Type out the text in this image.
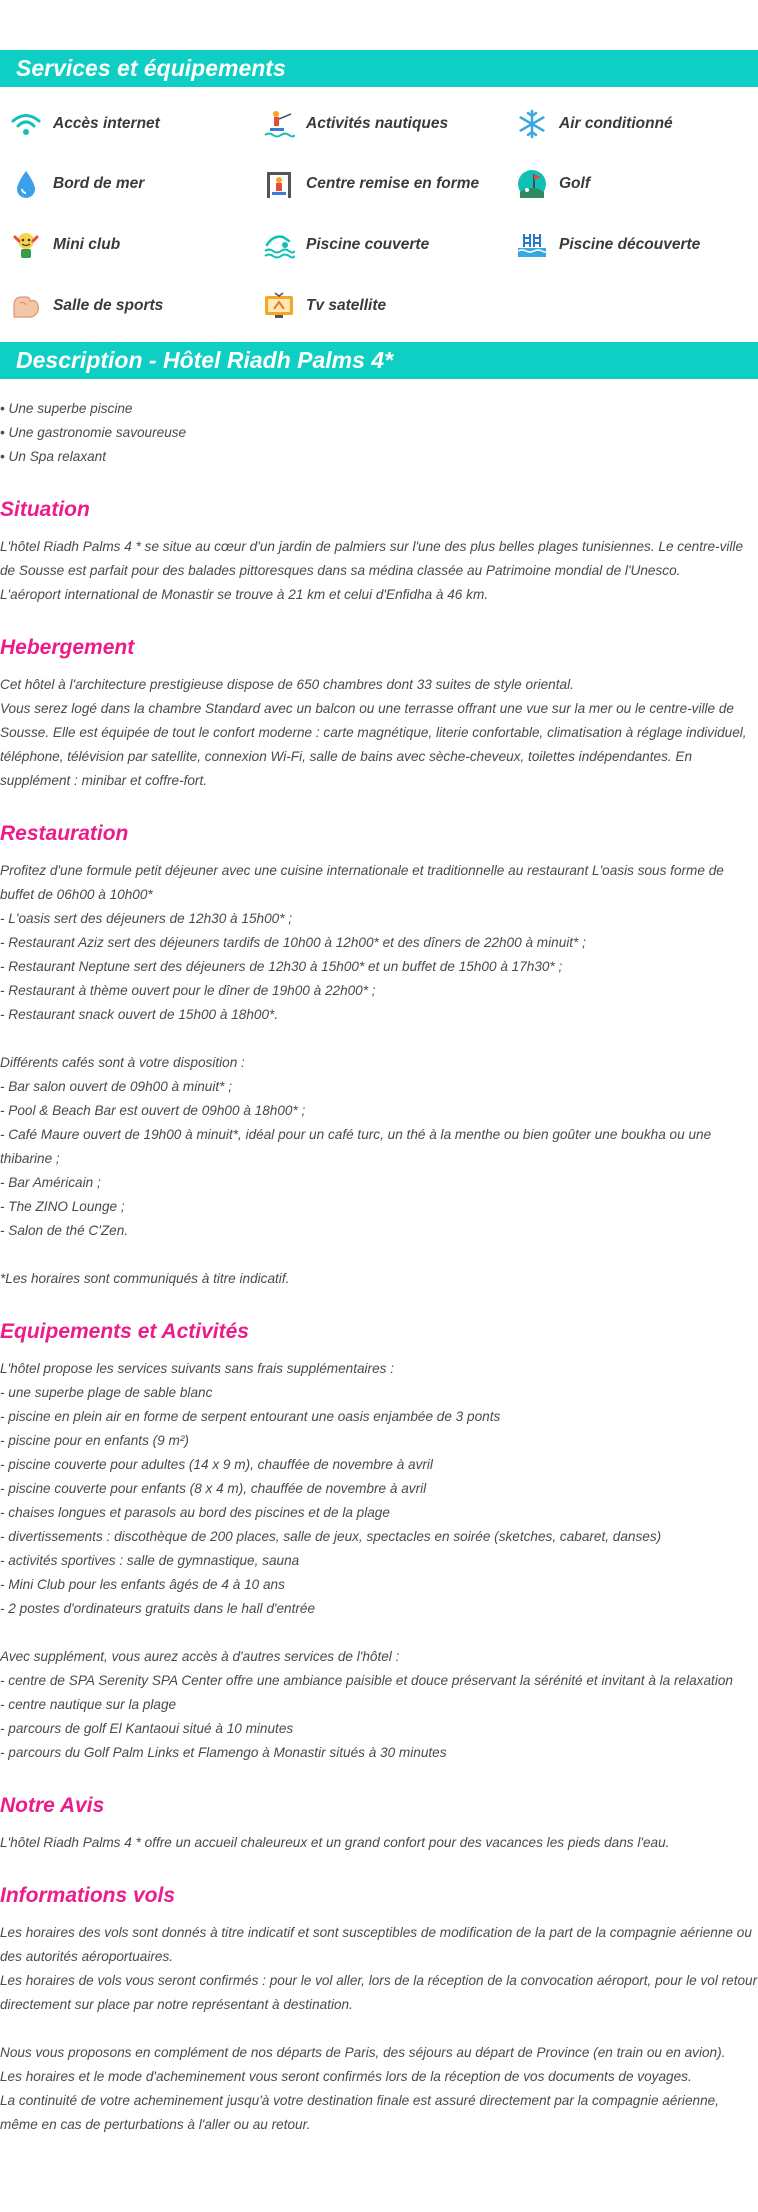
Services et équipements
Accès internet	Activités nautiques	Air conditionné
Bord de mer	Centre remise en forme	Golf
Mini club	Piscine couverte	Piscine découverte
Salle de sports	Tv satellite
Description - Hôtel Riadh Palms 4*
• Une superbe piscine
• Une gastronomie savoureuse
• Un Spa relaxant
Situation
L'hôtel Riadh Palms 4 * se situe au cœur d'un jardin de palmiers sur l'une des plus belles plages tunisiennes. Le centre-ville de Sousse est parfait pour des balades pittoresques dans sa médina classée au Patrimoine mondial de l'Unesco.
L'aéroport international de Monastir se trouve à 21 km et celui d'Enfidha à 46 km.
Hebergement
Cet hôtel à l'architecture prestigieuse dispose de 650 chambres dont 33 suites de style oriental.
Vous serez logé dans la chambre Standard avec un balcon ou une terrasse offrant une vue sur la mer ou le centre-ville de Sousse. Elle est équipée de tout le confort moderne : carte magnétique, literie confortable, climatisation à réglage individuel, téléphone, télévision par satellite, connexion Wi-Fi, salle de bains avec sèche-cheveux, toilettes indépendantes. En supplément : minibar et coffre-fort.
Restauration
Profitez d'une formule petit déjeuner avec une cuisine internationale et traditionnelle au restaurant L'oasis sous forme de buffet de 06h00 à 10h00*
- L'oasis sert des déjeuners de 12h30 à 15h00* ;
- Restaurant Aziz sert des déjeuners tardifs de 10h00 à 12h00* et des dîners de 22h00 à minuit* ;
- Restaurant Neptune sert des déjeuners de 12h30 à 15h00* et un buffet de 15h00 à 17h30* ;
- Restaurant à thème ouvert pour le dîner de 19h00 à 22h00* ;
- Restaurant snack ouvert de 15h00 à 18h00*.

Différents cafés sont à votre disposition :
- Bar salon ouvert de 09h00 à minuit* ;
- Pool & Beach Bar est ouvert de 09h00 à 18h00* ;
- Café Maure ouvert de 19h00 à minuit*, idéal pour un café turc, un thé à la menthe ou bien goûter une boukha ou une thibarine ;
- Bar Américain ;
- The ZINO Lounge ;
- Salon de thé C'Zen.

*Les horaires sont communiqués à titre indicatif.
Equipements et Activités
L'hôtel propose les services suivants sans frais supplémentaires :
- une superbe plage de sable blanc
- piscine en plein air en forme de serpent entourant une oasis enjambée de 3 ponts
- piscine pour en enfants (9 m²)
- piscine couverte pour adultes (14 x 9 m), chauffée de novembre à avril
- piscine couverte pour enfants (8 x 4 m), chauffée de novembre à avril
- chaises longues et parasols au bord des piscines et de la plage
- divertissements : discothèque de 200 places, salle de jeux, spectacles en soirée (sketches, cabaret, danses)
- activités sportives : salle de gymnastique, sauna
- Mini Club pour les enfants âgés de 4 à 10 ans
- 2 postes d'ordinateurs gratuits dans le hall d'entrée

Avec supplément, vous aurez accès à d'autres services de l'hôtel :
- centre de SPA Serenity SPA Center offre une ambiance paisible et douce préservant la sérénité et invitant à la relaxation
- centre nautique sur la plage
- parcours de golf El Kantaoui situé à 10 minutes
- parcours du Golf Palm Links et Flamengo à Monastir situés à 30 minutes
Notre Avis
L'hôtel Riadh Palms 4 * offre un accueil chaleureux et un grand confort pour des vacances les pieds dans l'eau.
Informations vols
Les horaires des vols sont donnés à titre indicatif et sont susceptibles de modification de la part de la compagnie aérienne ou des autorités aéroportuaires.
Les horaires de vols vous seront confirmés : pour le vol aller, lors de la réception de la convocation aéroport, pour le vol retour directement sur place par notre représentant à destination.

Nous vous proposons en complément de nos départs de Paris, des séjours au départ de Province (en train ou en avion).
Les horaires et le mode d'acheminement vous seront confirmés lors de la réception de vos documents de voyages.
La continuité de votre acheminement jusqu'à votre destination finale est assuré directement par la compagnie aérienne, même en cas de perturbations à l'aller ou au retour.
